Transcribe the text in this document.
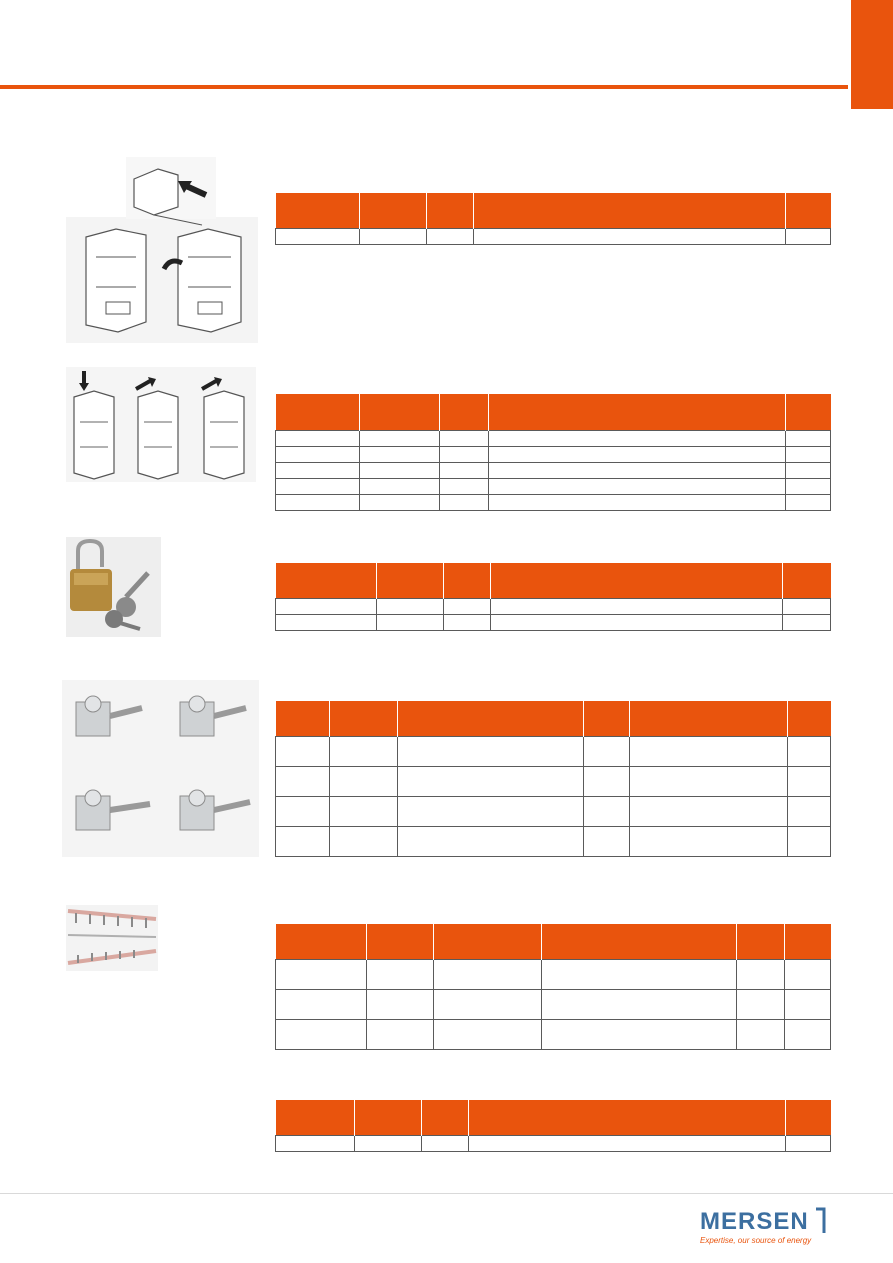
MERSEN
Expertise, our source of energy
